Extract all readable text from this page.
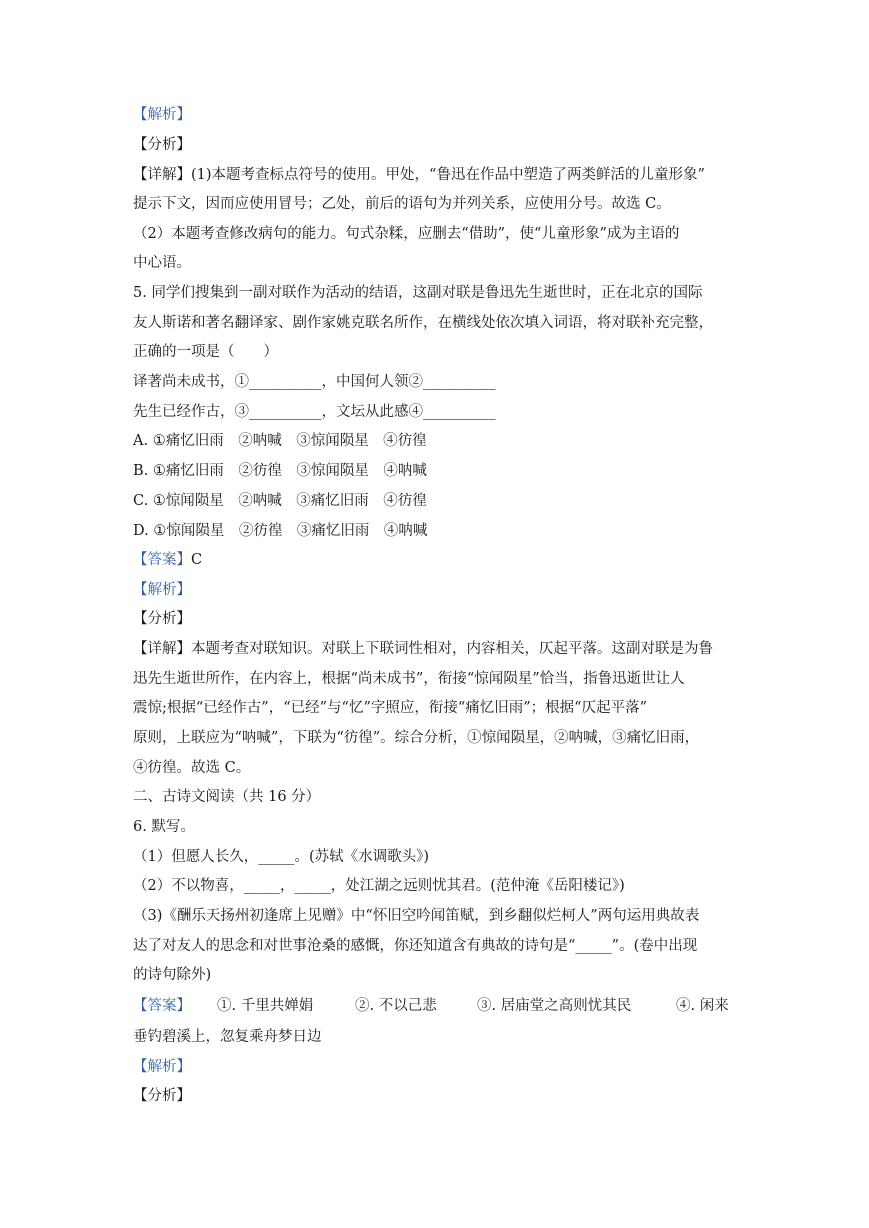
【解析】
【分析】
【详解】(1)本题考查标点符号的使用。甲处，“鲁迅在作品中塑造了两类鲜活的儿童形象”
提示下文，因而应使用冒号；乙处，前后的语句为并列关系，应使用分号。故选 C。
（2）本题考查修改病句的能力。句式杂糅，应删去“借助”，使“儿童形象”成为主语的
中心语。
5. 同学们搜集到一副对联作为活动的结语，这副对联是鲁迅先生逝世时，正在北京的国际
友人斯诺和著名翻译家、剧作家姚克联名所作，在横线处依次填入词语，将对联补充完整，
正确的一项是（　　）
译著尚未成书，①__________，中国何人领②__________
先生已经作古，③__________，文坛从此感④__________
A. ①痛忆旧雨　②呐喊　③惊闻陨星　④彷徨
B. ①痛忆旧雨　②彷徨　③惊闻陨星　④呐喊
C. ①惊闻陨星　②呐喊　③痛忆旧雨　④彷徨
D. ①惊闻陨星　②彷徨　③痛忆旧雨　④呐喊
【答案】C
【解析】
【分析】
【详解】本题考查对联知识。对联上下联词性相对，内容相关，仄起平落。这副对联是为鲁
迅先生逝世所作，在内容上，根据“尚未成书”，衔接“惊闻陨星”恰当，指鲁迅逝世让人
震惊;根据“已经作古”，“已经”与“忆”字照应，衔接“痛忆旧雨”；根据“仄起平落”
原则，上联应为“呐喊”，下联为“彷徨”。综合分析，①惊闻陨星，②呐喊，③痛忆旧雨，
④彷徨。故选 C。
二、古诗文阅读（共 16 分）
6. 默写。
（1）但愿人长久，_____。(苏轼《水调歌头》)
（2）不以物喜，_____，_____，处江湖之远则忧其君。(范仲淹《岳阳楼记》)
（3)《酬乐天扬州初逢席上见赠》中“怀旧空吟闻笛赋，到乡翻似烂柯人”两句运用典故表
达了对友人的思念和对世事沧桑的感慨，你还知道含有典故的诗句是“_____”。(卷中出现
的诗句除外)
【答案】 ①. 千里共婵娟	②. 不以己悲	③. 居庙堂之高则忧其民	④. 闲来
垂钓碧溪上，忽复乘舟梦日边
【解析】
【分析】
